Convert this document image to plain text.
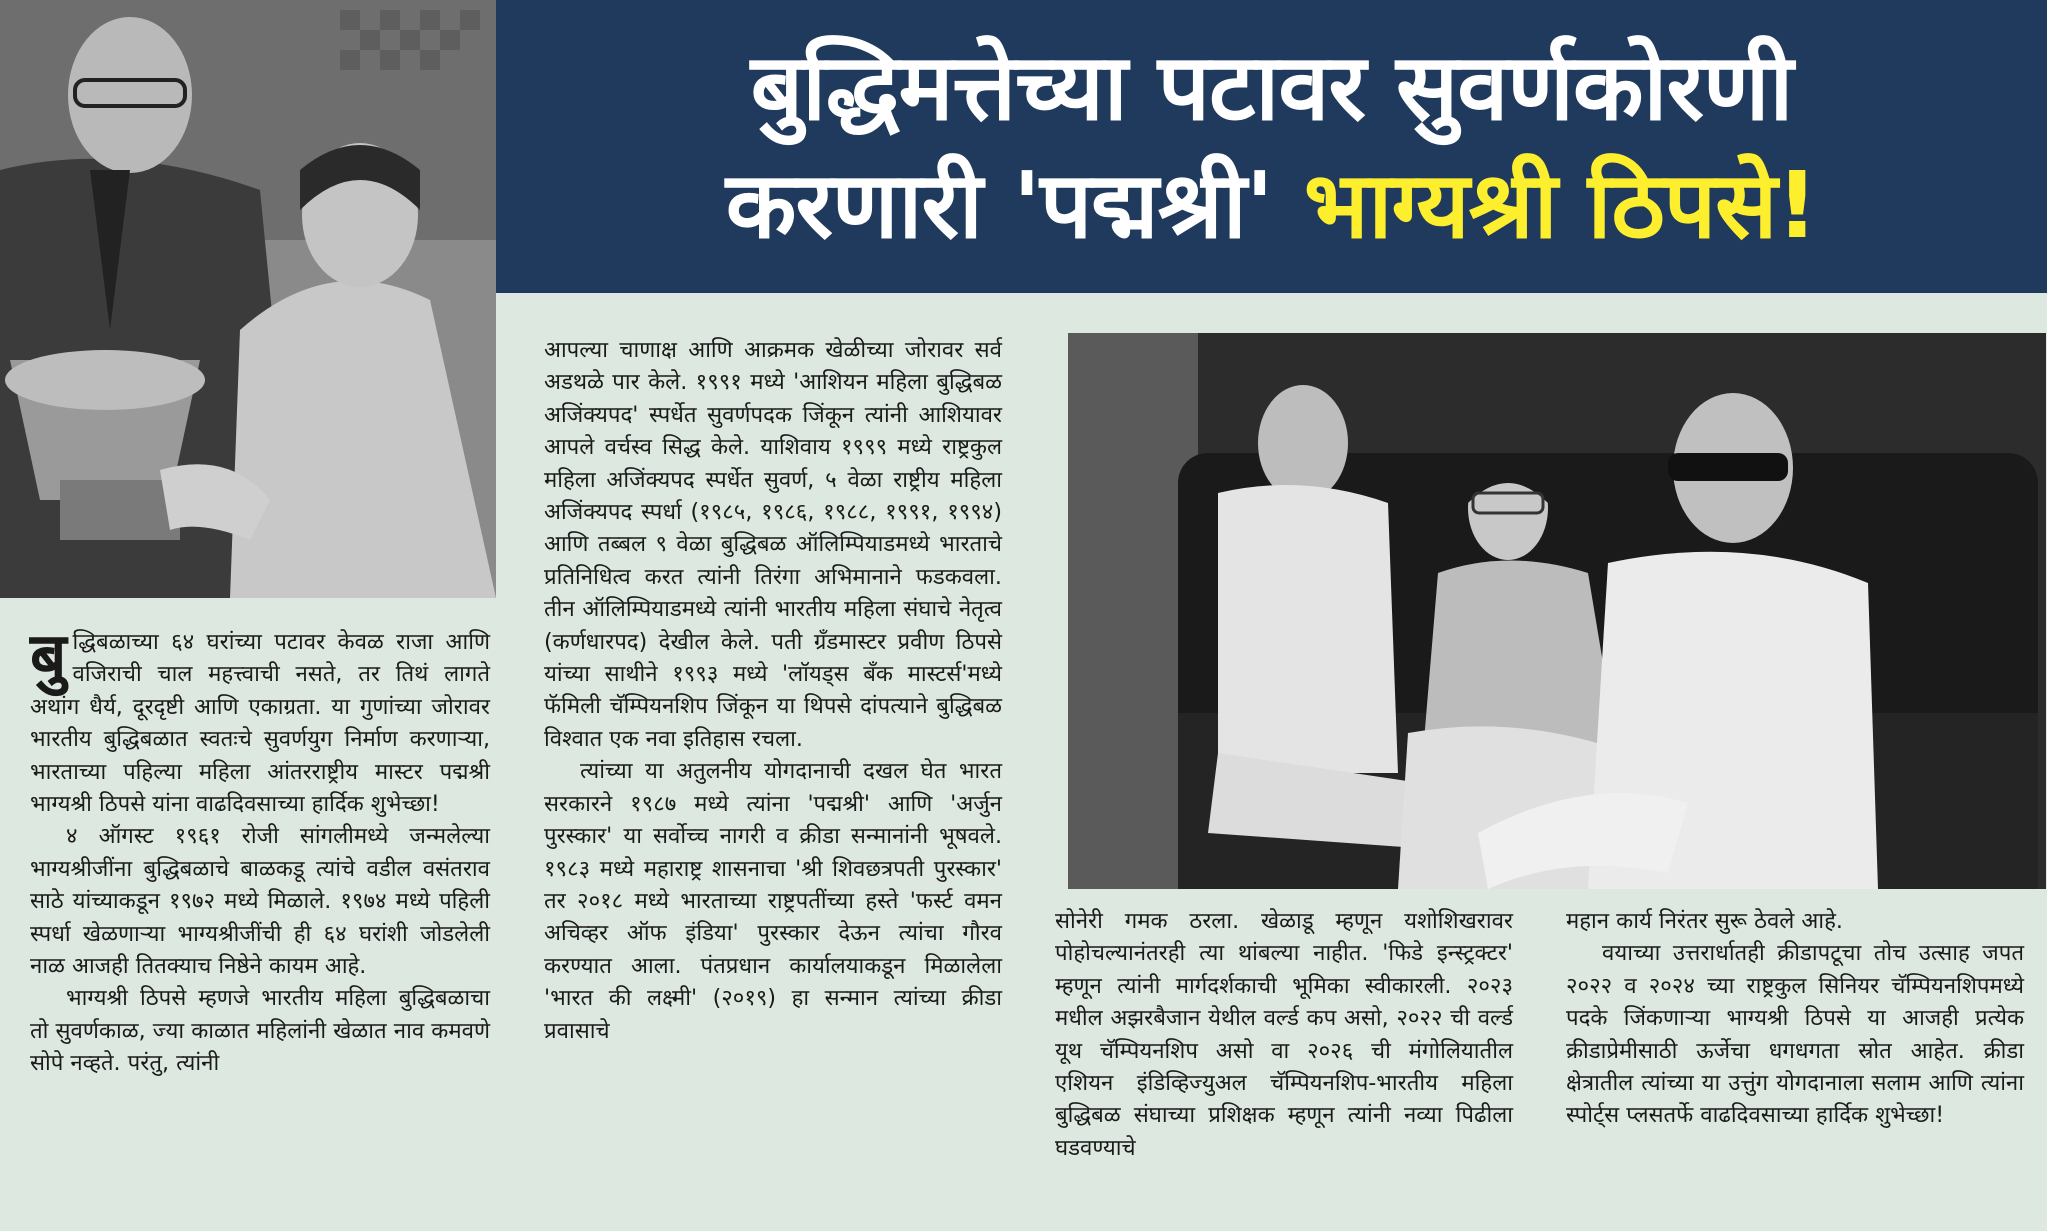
बुद्धिमत्तेच्या पटावर सुवर्णकोरणी
करणारी 'पद्मश्री' भाग्यश्री ठिपसे!

बुद्धिबळाच्या ६४ घरांच्या पटावर केवळ राजा आणि वजिराची चाल महत्त्वाची नसते, तर तिथं लागते अथांग धैर्य, दूरदृष्टी आणि एकाग्रता. या गुणांच्या जोरावर भारतीय बुद्धिबळात स्वतःचे सुवर्णयुग निर्माण करणाऱ्या, भारताच्या पहिल्या महिला आंतरराष्ट्रीय मास्टर पद्मश्री भाग्यश्री ठिपसे यांना वाढदिवसाच्या हार्दिक शुभेच्छा!

४ ऑगस्ट १९६१ रोजी सांगलीमध्ये जन्मलेल्या भाग्यश्रीजींना बुद्धिबळाचे बाळकडू त्यांचे वडील वसंतराव साठे यांच्याकडून १९७२ मध्ये मिळाले. १९७४ मध्ये पहिली स्पर्धा खेळणाऱ्या भाग्यश्रीजींची ही ६४ घरांशी जोडलेली नाळ आजही तितक्याच निष्ठेने कायम आहे.

भाग्यश्री ठिपसे म्हणजे भारतीय महिला बुद्धिबळाचा तो सुवर्णकाळ, ज्या काळात महिलांनी खेळात नाव कमवणे सोपे नव्हते. परंतु, त्यांनी

आपल्या चाणाक्ष आणि आक्रमक खेळीच्या जोरावर सर्व अडथळे पार केले. १९९१ मध्ये 'आशियन महिला बुद्धिबळ अजिंक्यपद' स्पर्धेत सुवर्णपदक जिंकून त्यांनी आशियावर आपले वर्चस्व सिद्ध केले. याशिवाय १९९९ मध्ये राष्ट्रकुल महिला अजिंक्यपद स्पर्धेत सुवर्ण, ५ वेळा राष्ट्रीय महिला अजिंक्यपद स्पर्धा (१९८५, १९८६, १९८८, १९९१, १९९४) आणि तब्बल ९ वेळा बुद्धिबळ ऑलिम्पियाडमध्ये भारताचे प्रतिनिधित्व करत त्यांनी तिरंगा अभिमानाने फडकवला. तीन ऑलिम्पियाडमध्ये त्यांनी भारतीय महिला संघाचे नेतृत्व (कर्णधारपद) देखील केले. पती ग्रँडमास्टर प्रवीण ठिपसे यांच्या साथीने १९९३ मध्ये 'लॉयड्स बँक मास्टर्स'मध्ये फॅमिली चॅम्पियनशिप जिंकून या थिपसे दांपत्याने बुद्धिबळ विश्वात एक नवा इतिहास रचला.

त्यांच्या या अतुलनीय योगदानाची दखल घेत भारत सरकारने १९८७ मध्ये त्यांना 'पद्मश्री' आणि 'अर्जुन पुरस्कार' या सर्वोच्च नागरी व क्रीडा सन्मानांनी भूषवले. १९८३ मध्ये महाराष्ट्र शासनाचा 'श्री शिवछत्रपती पुरस्कार' तर २०१८ मध्ये भारताच्या राष्ट्रपतींच्या हस्ते 'फर्स्ट वमन अचिव्हर ऑफ इंडिया' पुरस्कार देऊन त्यांचा गौरव करण्यात आला. पंतप्रधान कार्यालयाकडून मिळालेला 'भारत की लक्ष्मी' (२०१९) हा सन्मान त्यांच्या क्रीडा प्रवासाचे

सोनेरी गमक ठरला. खेळाडू म्हणून यशोशिखरावर पोहोचल्यानंतरही त्या थांबल्या नाहीत. 'फिडे इन्स्ट्रक्टर' म्हणून त्यांनी मार्गदर्शकाची भूमिका स्वीकारली. २०२३ मधील अझरबैजान येथील वर्ल्ड कप असो, २०२२ ची वर्ल्ड यूथ चॅम्पियनशिप असो वा २०२६ ची मंगोलियातील एशियन इंडिव्हिज्युअल चॅम्पियनशिप-भारतीय महिला बुद्धिबळ संघाच्या प्रशिक्षक म्हणून त्यांनी नव्या पिढीला घडवण्याचे

महान कार्य निरंतर सुरू ठेवले आहे.

वयाच्या उत्तरार्धातही क्रीडापटूचा तोच उत्साह जपत २०२२ व २०२४ च्या राष्ट्रकुल सिनियर चॅम्पियनशिपमध्ये पदके जिंकणाऱ्या भाग्यश्री ठिपसे या आजही प्रत्येक क्रीडाप्रेमीसाठी ऊर्जेचा धगधगता स्रोत आहेत. क्रीडा क्षेत्रातील त्यांच्या या उत्तुंग योगदानाला सलाम आणि त्यांना स्पोर्ट्स प्लसतर्फे वाढदिवसाच्या हार्दिक शुभेच्छा!
